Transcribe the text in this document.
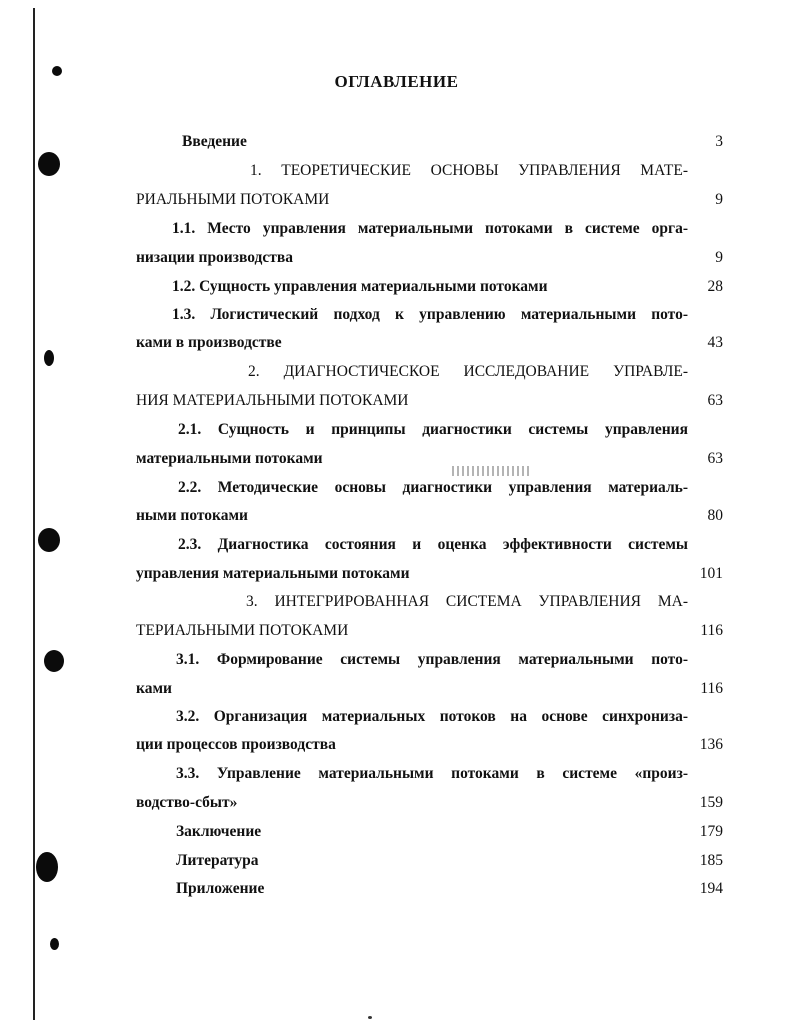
ОГЛАВЛЕНИЕ
Введение	3
1. ТЕОРЕТИЧЕСКИЕ ОСНОВЫ УПРАВЛЕНИЯ МАТЕ-
РИАЛЬНЫМИ ПОТОКАМИ	9
1.1. Место управления материальными потоками в системе орга-
низации производства	9
1.2. Сущность управления материальными потоками	28
1.3. Логистический подход к управлению материальными пото-
ками в производстве	43
2. ДИАГНОСТИЧЕСКОЕ ИССЛЕДОВАНИЕ УПРАВЛЕ-
НИЯ МАТЕРИАЛЬНЫМИ ПОТОКАМИ	63
2.1. Сущность и принципы диагностики системы управления
материальными потоками	63
2.2. Методические основы диагностики управления материаль-
ными потоками	80
2.3. Диагностика состояния и оценка эффективности системы
управления материальными потоками	101
3. ИНТЕГРИРОВАННАЯ СИСТЕМА УПРАВЛЕНИЯ МА-
ТЕРИАЛЬНЫМИ ПОТОКАМИ	116
3.1. Формирование системы управления материальными пото-
ками	116
3.2. Организация материальных потоков на основе синхрониза-
ции процессов производства	136
3.3. Управление материальными потоками в системе «произ-
водство-сбыт»	159
Заключение	179
Литература	185
Приложение	194
